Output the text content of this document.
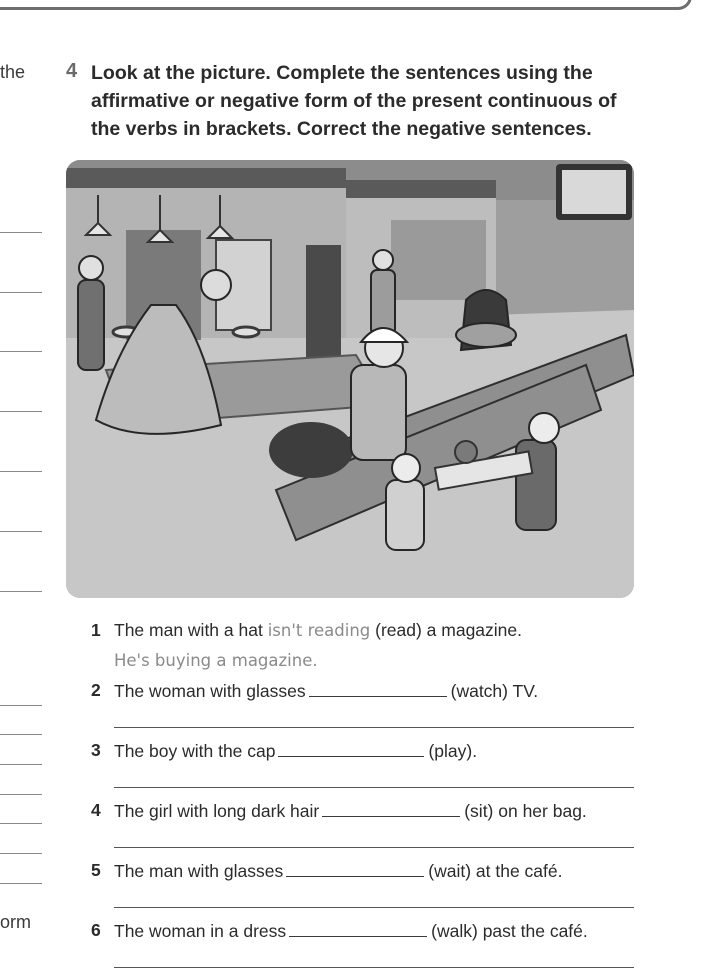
the
orm
4 Look at the picture. Complete the sentences using the affirmative or negative form of the present continuous of the verbs in brackets. Correct the negative sentences.
1 The man with a hat isn't reading (read) a magazine.
He's buying a magazine.
2 The woman with glasses	(watch) TV.
3 The boy with the cap	(play).
4 The girl with long dark hair	(sit) on her bag.
5 The man with glasses	(wait) at the café.
6 The woman in a dress	(walk) past the café.
